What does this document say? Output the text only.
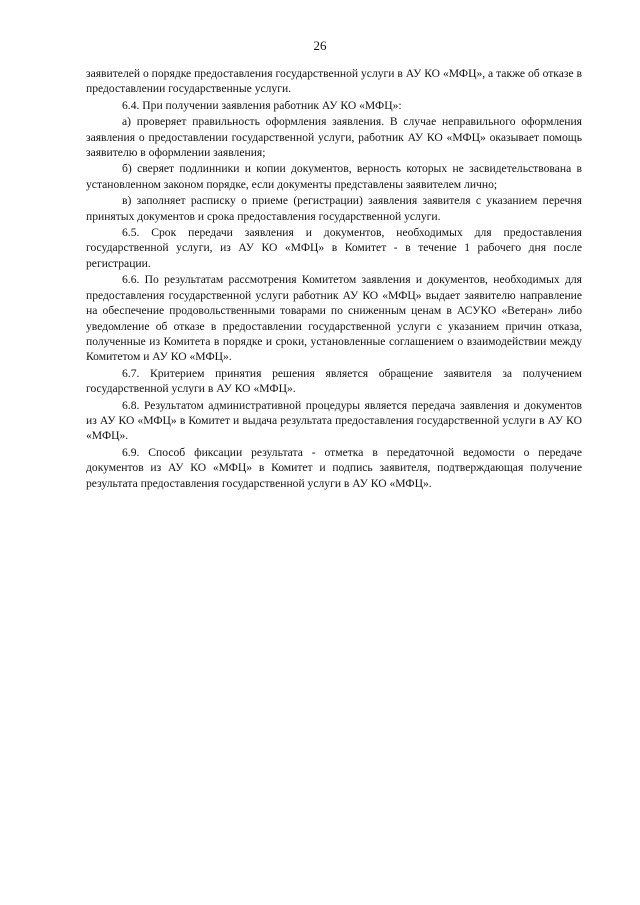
26

заявителей о порядке предоставления государственной услуги в АУ КО «МФЦ», а также об отказе в предоставлении государственные услуги.

6.4. При получении заявления работник АУ КО «МФЦ»:

а) проверяет правильность оформления заявления. В случае неправильного оформления заявления о предоставлении государственной услуги, работник АУ КО «МФЦ» оказывает помощь заявителю в оформлении заявления;

б) сверяет подлинники и копии документов, верность которых не засвидетельствована в установленном законом порядке, если документы представлены заявителем лично;

в) заполняет расписку о приеме (регистрации) заявления заявителя с указанием перечня принятых документов и срока предоставления государственной услуги.

6.5. Срок передачи заявления и документов, необходимых для предоставления государственной услуги, из АУ КО «МФЦ» в Комитет - в течение 1 рабочего дня после регистрации.

6.6. По результатам рассмотрения Комитетом заявления и документов, необходимых для предоставления государственной услуги работник АУ КО «МФЦ» выдает заявителю направление на обеспечение продовольственными товарами по сниженным ценам в АСУКО «Ветеран» либо уведомление об отказе в предоставлении государственной услуги с указанием причин отказа, полученные из Комитета в порядке и сроки, установленные соглашением о взаимодействии между Комитетом и АУ КО «МФЦ».

6.7. Критерием принятия решения является обращение заявителя за получением государственной услуги в АУ КО «МФЦ».

6.8. Результатом административной процедуры является передача заявления и документов из АУ КО «МФЦ» в Комитет и выдача результата предоставления государственной услуги в АУ КО «МФЦ».

6.9. Способ фиксации результата - отметка в передаточной ведомости о передаче документов из АУ КО «МФЦ» в Комитет и подпись заявителя, подтверждающая получение результата предоставления государственной услуги в АУ КО «МФЦ».
